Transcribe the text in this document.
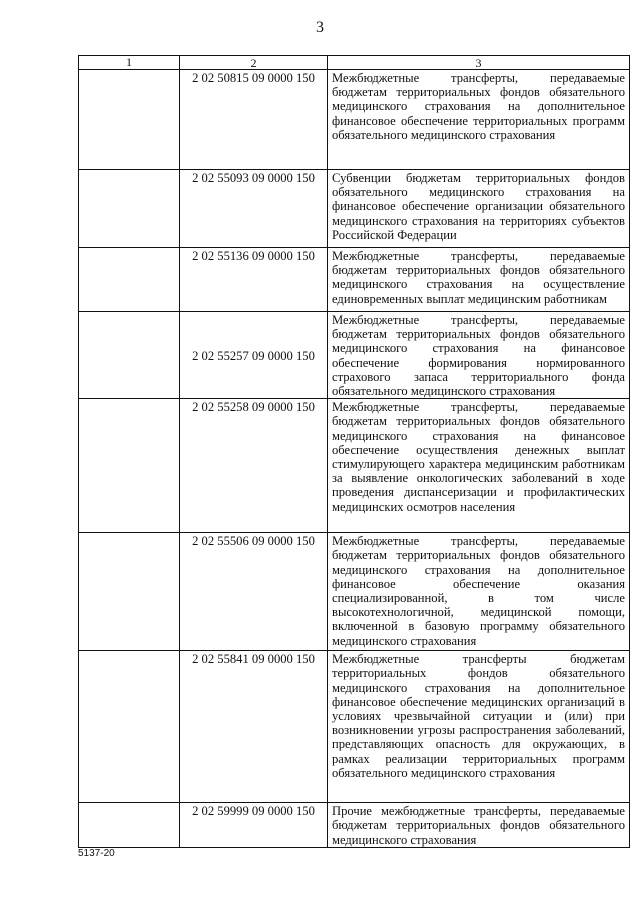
3
1	2	3
	2 02 50815 09 0000 150	Межбюджетные трансферты, передаваемые бюджетам территориальных фондов обязательного медицинского страхования на дополнительное финансовое обеспечение территориальных программ обязательного медицинского страхования
	2 02 55093 09 0000 150	Субвенции бюджетам территориальных фондов обязательного медицинского страхования на финансовое обеспечение организации обязательного медицинского страхования на территориях субъектов Российской Федерации
	2 02 55136 09 0000 150	Межбюджетные трансферты, передаваемые бюджетам территориальных фондов обязательного медицинского страхования на осуществление единовременных выплат медицинским работникам
	2 02 55257 09 0000 150	Межбюджетные трансферты, передаваемые бюджетам территориальных фондов обязательного медицинского страхования на финансовое обеспечение формирования нормированного страхового запаса территориального фонда обязательного медицинского страхования
	2 02 55258 09 0000 150	Межбюджетные трансферты, передаваемые бюджетам территориальных фондов обязательного медицинского страхования на финансовое обеспечение осуществления денежных выплат стимулирующего характера медицинским работникам за выявление онкологических заболеваний в ходе проведения диспансеризации и профилактических медицинских осмотров населения
	2 02 55506 09 0000 150	Межбюджетные трансферты, передаваемые бюджетам территориальных фондов обязательного медицинского страхования на дополнительное финансовое обеспечение оказания специализированной, в том числе высокотехнологичной, медицинской помощи, включенной в базовую программу обязательного медицинского страхования
	2 02 55841 09 0000 150	Межбюджетные трансферты бюджетам территориальных фондов обязательного медицинского страхования на дополнительное финансовое обеспечение медицинских организаций в условиях чрезвычайной ситуации и (или) при возникновении угрозы распространения заболеваний, представляющих опасность для окружающих, в рамках реализации территориальных программ обязательного медицинского страхования
	2 02 59999 09 0000 150	Прочие межбюджетные трансферты, передаваемые бюджетам территориальных фондов обязательного медицинского страхования
5137-20
